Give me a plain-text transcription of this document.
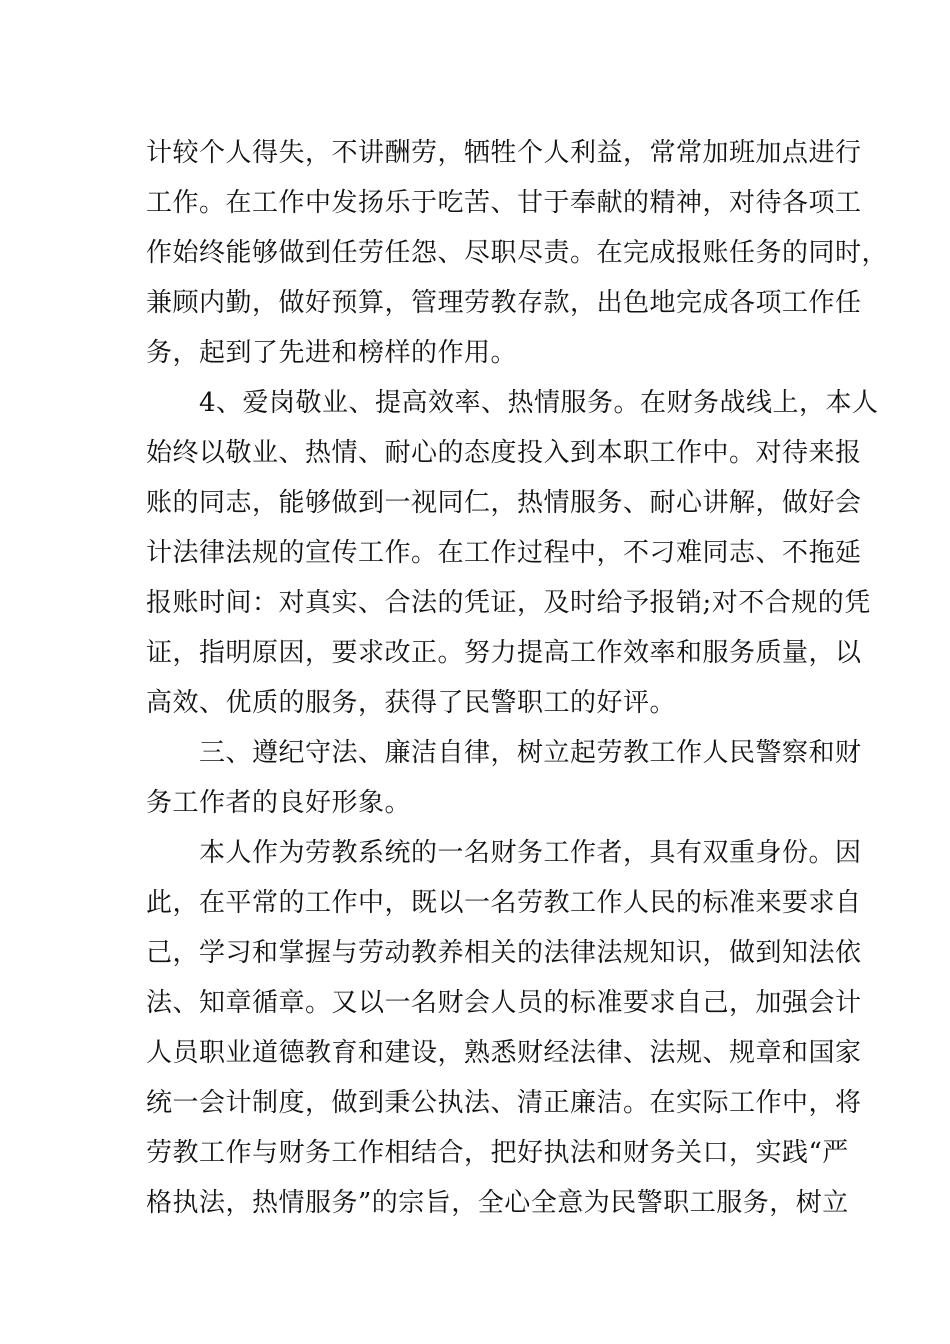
计较个人得失，不讲酬劳，牺牲个人利益，常常加班加点进行
工作。在工作中发扬乐于吃苦、甘于奉献的精神，对待各项工
作始终能够做到任劳任怨、尽职尽责。在完成报账任务的同时，
兼顾内勤，做好预算，管理劳教存款，出色地完成各项工作任
务，起到了先进和榜样的作用。
4、爱岗敬业、提高效率、热情服务。在财务战线上，本人
始终以敬业、热情、耐心的态度投入到本职工作中。对待来报
账的同志，能够做到一视同仁，热情服务、耐心讲解，做好会
计法律法规的宣传工作。在工作过程中，不刁难同志、不拖延
报账时间：对真实、合法的凭证，及时给予报销;对不合规的凭
证，指明原因，要求改正。努力提高工作效率和服务质量，以
高效、优质的服务，获得了民警职工的好评。
三、遵纪守法、廉洁自律，树立起劳教工作人民警察和财
务工作者的良好形象。
本人作为劳教系统的一名财务工作者，具有双重身份。因
此，在平常的工作中，既以一名劳教工作人民的标准来要求自
己，学习和掌握与劳动教养相关的法律法规知识，做到知法依
法、知章循章。又以一名财会人员的标准要求自己，加强会计
人员职业道德教育和建设，熟悉财经法律、法规、规章和国家
统一会计制度，做到秉公执法、清正廉洁。在实际工作中，将
劳教工作与财务工作相结合，把好执法和财务关口，实践“严
格执法，热情服务”的宗旨，全心全意为民警职工服务，树立
